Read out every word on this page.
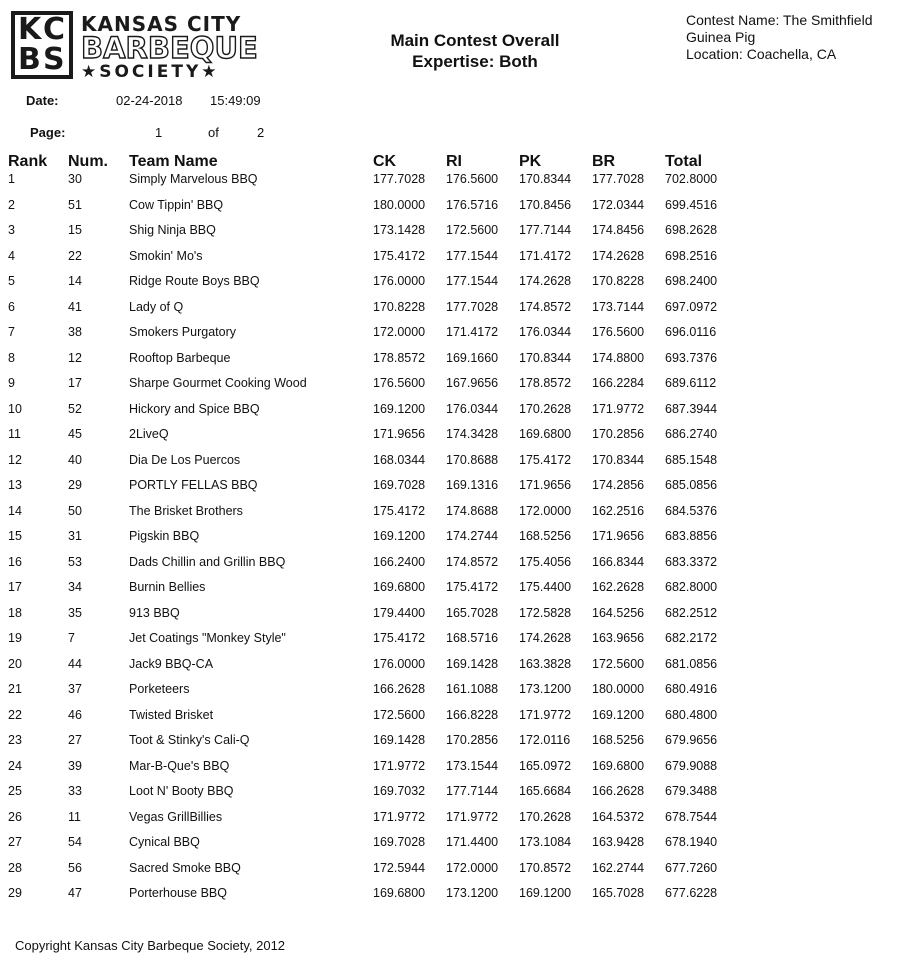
K C
B S
KANSAS CITY
BARBEQUE
★SOCIETY★
Main Contest Overall
Expertise: Both
Contest Name: The Smithfield
Guinea Pig
Location: Coachella, CA
Date:	02-24-2018 15:49:09
Page:	1	of	2
Rank	Num.	Team Name	CK	RI	PK	BR	Total
1	30	Simply Marvelous BBQ	177.7028	176.5600	170.8344	177.7028	702.8000
2	51	Cow Tippin' BBQ	180.0000	176.5716	170.8456	172.0344	699.4516
3	15	Shig Ninja BBQ	173.1428	172.5600	177.7144	174.8456	698.2628
4	22	Smokin' Mo's	175.4172	177.1544	171.4172	174.2628	698.2516
5	14	Ridge Route Boys BBQ	176.0000	177.1544	174.2628	170.8228	698.2400
6	41	Lady of Q	170.8228	177.7028	174.8572	173.7144	697.0972
7	38	Smokers Purgatory	172.0000	171.4172	176.0344	176.5600	696.0116
8	12	Rooftop Barbeque	178.8572	169.1660	170.8344	174.8800	693.7376
9	17	Sharpe Gourmet Cooking Wood	176.5600	167.9656	178.8572	166.2284	689.6112
10	52	Hickory and Spice BBQ	169.1200	176.0344	170.2628	171.9772	687.3944
11	45	2LiveQ	171.9656	174.3428	169.6800	170.2856	686.2740
12	40	Dia De Los Puercos	168.0344	170.8688	175.4172	170.8344	685.1548
13	29	PORTLY FELLAS BBQ	169.7028	169.1316	171.9656	174.2856	685.0856
14	50	The Brisket Brothers	175.4172	174.8688	172.0000	162.2516	684.5376
15	31	Pigskin BBQ	169.1200	174.2744	168.5256	171.9656	683.8856
16	53	Dads Chillin and Grillin BBQ	166.2400	174.8572	175.4056	166.8344	683.3372
17	34	Burnin Bellies	169.6800	175.4172	175.4400	162.2628	682.8000
18	35	913 BBQ	179.4400	165.7028	172.5828	164.5256	682.2512
19	7	Jet Coatings "Monkey Style"	175.4172	168.5716	174.2628	163.9656	682.2172
20	44	Jack9 BBQ-CA	176.0000	169.1428	163.3828	172.5600	681.0856
21	37	Porketeers	166.2628	161.1088	173.1200	180.0000	680.4916
22	46	Twisted Brisket	172.5600	166.8228	171.9772	169.1200	680.4800
23	27	Toot & Stinky's Cali-Q	169.1428	170.2856	172.0116	168.5256	679.9656
24	39	Mar-B-Que's BBQ	171.9772	173.1544	165.0972	169.6800	679.9088
25	33	Loot N' Booty BBQ	169.7032	177.7144	165.6684	166.2628	679.3488
26	11	Vegas GrillBillies	171.9772	171.9772	170.2628	164.5372	678.7544
27	54	Cynical BBQ	169.7028	171.4400	173.1084	163.9428	678.1940
28	56	Sacred Smoke BBQ	172.5944	172.0000	170.8572	162.2744	677.7260
29	47	Porterhouse BBQ	169.6800	173.1200	169.1200	165.7028	677.6228
Copyright Kansas City Barbeque Society, 2012
